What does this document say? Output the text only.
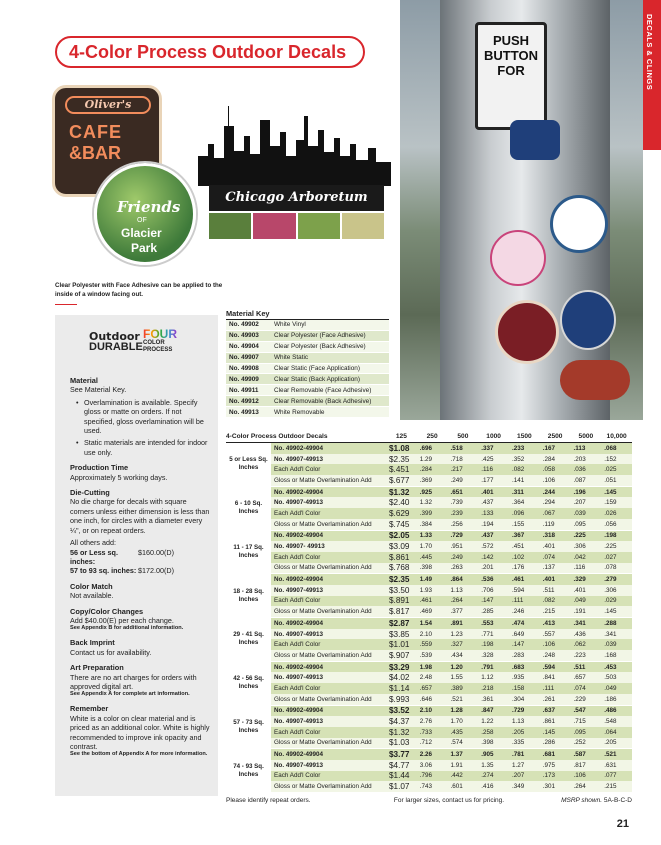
DECALS & CLINGS
4-Color Process Outdoor Decals
Oliver's
CAFE
&BAR
Friends
OF
Glacier
Park
Chicago Arboretum
Clear Polyester with Face Adhesive can be applied to the inside of a window facing out.
PUSH
BUTTON
FOR
Outdoor
DURABLE
FOUR
COLOR
PROCESS
Material
See Material Key.
• Overlamination is available. Specify gloss or matte on orders. If not specified, gloss overlamination will be used.
• Static materials are intended for indoor use only.
Production Time
Approximately 5 working days.
Die-Cutting
No die charge for decals with square corners unless either dimension is less than one inch, for circles with a diameter every ¼", or on repeat orders.
All others add:
56 or Less sq. inches:
$160.00(D)
57 to 93 sq. inches: $172.00(D)
Color Match
Not available.
Copy/Color Changes
Add $40.00(E) per each change.
See Appendix B for additional information.
Back Imprint
Contact us for availability.
Art Preparation
There are no art charges for orders with approved digital art.
See Appendix A for complete art information.
Remember
White is a color on clear material and is priced as an additional color. White is highly recommended to improve ink opacity and contrast.
See the bottom of Appendix A for more information.
Material Key
No. 49902	White Vinyl
No. 49903	Clear Polyester (Face Adhesive)
No. 49904	Clear Polyester (Back Adhesive)
No. 49907	White Static
No. 49908	Clear Static (Face Application)
No. 49909	Clear Static (Back Application)
No. 49911	Clear Removable (Face Adhesive)
No. 49912	Clear Removable (Back Adhesive)
No. 49913	White Removable
4-Color Process Outdoor Decals	125	250	500	1000	1500	2500	5000	10,000
5 or Less Sq. Inches
No. 49902-49904	$1.08	.696	.518	.337	.233	.167	.113	.068
No. 49907-49913	$2.35	1.29	.718	.425	.352	.284	.203	.152
Each Add'l Color	$.451	.284	.217	.116	.082	.058	.036	.025
Gloss or Matte Overlamination Add	$.677	.369	.249	.177	.141	.106	.087	.051
6 - 10 Sq. Inches
No. 49902-49904	$1.32	.925	.651	.401	.311	.244	.196	.145
No. 49907-49913	$2.40	1.32	.739	.437	.364	.294	.207	.159
Each Add'l Color	$.629	.399	.239	.133	.096	.067	.039	.026
Gloss or Matte Overlamination Add	$.745	.384	.256	.194	.155	.119	.095	.056
11 - 17 Sq. Inches
No. 49902-49904	$2.05	1.33	.729	.437	.367	.318	.225	.198
No. 49907- 49913	$3.09	1.70	.951	.572	.451	.401	.306	.225
Each Add'l Color	$.861	.445	.249	.142	.102	.074	.042	.027
Gloss or Matte Overlamination Add	$.768	.398	.263	.201	.176	.137	.116	.078
18 - 28 Sq. Inches
No. 49902-49904	$2.35	1.49	.864	.536	.461	.401	.329	.279
No. 49907-49913	$3.50	1.93	1.13	.706	.594	.511	.401	.306
Each Add'l Color	$.891	.461	.264	.147	.111	.082	.049	.029
Gloss or Matte Overlamination Add	$.817	.469	.377	.285	.246	.215	.191	.145
29 - 41 Sq. Inches
No. 49902-49904	$2.87	1.54	.891	.553	.474	.413	.341	.288
No. 49907-49913	$3.85	2.10	1.23	.771	.649	.557	.436	.341
Each Add'l Color	$1.01	.559	.327	.198	.147	.106	.062	.039
Gloss or Matte Overlamination Add	$.907	.539	.434	.328	.283	.248	.223	.168
42 - 56 Sq. Inches
No. 49902-49904	$3.29	1.98	1.20	.791	.683	.594	.511	.453
No. 49907-49913	$4.02	2.48	1.55	1.12	.935	.841	.657	.503
Each Add'l Color	$1.14	.657	.389	.218	.158	.111	.074	.049
Gloss or Matte Overlamination Add	$.993	.646	.521	.361	.304	.261	.229	.186
57 - 73 Sq. Inches
No. 49902-49904	$3.52	2.10	1.28	.847	.729	.637	.547	.486
No. 49907-49913	$4.37	2.76	1.70	1.22	1.13	.861	.715	.548
Each Add'l Color	$1.32	.733	.435	.258	.205	.145	.095	.064
Gloss or Matte Overlamination Add	$1.03	.712	.574	.398	.335	.286	.252	.205
74 - 93 Sq. Inches
No. 49902-49904	$3.77	2.26	1.37	.905	.781	.681	.587	.521
No. 49907-49913	$4.77	3.06	1.91	1.35	1.27	.975	.817	.631
Each Add'l Color	$1.44	.796	.442	.274	.207	.173	.106	.077
Gloss or Matte Overlamination Add	$1.07	.743	.601	.416	.349	.301	.264	.215
Please identify repeat orders.	For larger sizes, contact us for pricing.	MSRP shown. 5A-B-C-D
21
